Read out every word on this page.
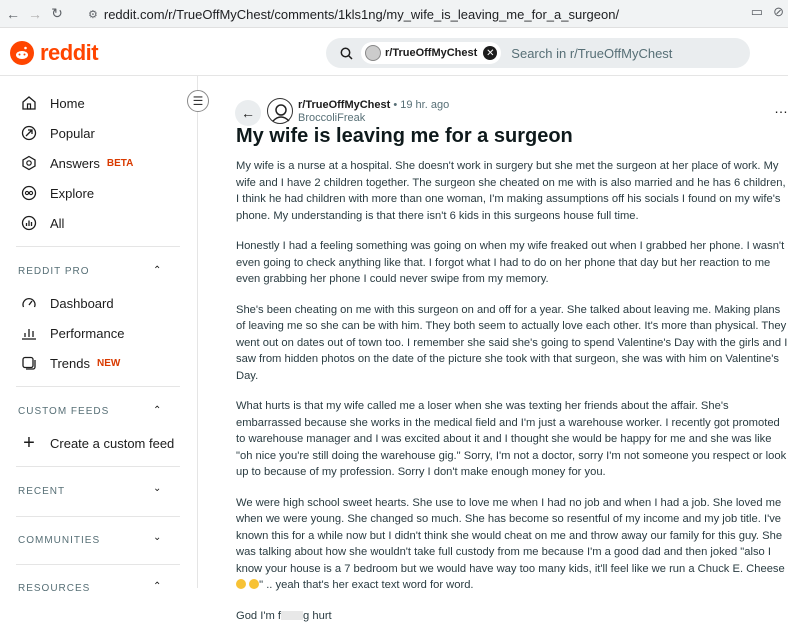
← → ↻	⚙ reddit.com/r/TrueOffMyChest/comments/1kls1ng/my_wife_is_leaving_me_for_a_surgeon/	▭ ⊘
reddit	r/TrueOffMyChest ✕ Search in r/TrueOffMyChest
Home
Popular
Answers BETA
Explore
All
REDDIT PRO	⌃
Dashboard
Performance
Trends NEW
CUSTOM FEEDS	⌃
+ Create a custom feed
RECENT	⌄
COMMUNITIES	⌄
RESOURCES	⌃
☰
←	r/TrueOffMyChest • 19 hr. ago
BroccoliFreak
…
My wife is leaving me for a surgeon

My wife is a nurse at a hospital. She doesn't work in surgery but she met the surgeon at her place of work. My wife and I have 2 children together. The surgeon she cheated on me with is also married and he has 6 children, I think he had children with more than one woman, I'm making assumptions off his socials I found on my wife's phone. My understanding is that there isn't 6 kids in this surgeons house full time.

Honestly I had a feeling something was going on when my wife freaked out when I grabbed her phone. I wasn't even going to check anything like that. I forgot what I had to do on her phone that day but her reaction to me even grabbing her phone I could never swipe from my memory.

She's been cheating on me with this surgeon on and off for a year. She talked about leaving me. Making plans of leaving me so she can be with him. They both seem to actually love each other. It's more than physical. They went out on dates out of town too. I remember she said she's going to spend Valentine's Day with the girls and I saw from hidden photos on the date of the picture she took with that surgeon, she was with him on Valentine's Day.

What hurts is that my wife called me a loser when she was texting her friends about the affair. She's embarrassed because she works in the medical field and I'm just a warehouse worker. I recently got promoted to warehouse manager and I was excited about it and I thought she would be happy for me and she was like "oh nice you're still doing the warehouse gig." Sorry, I'm not a doctor, sorry I'm not someone you respect or look up to because of my profession. Sorry I don't make enough money for you.

We were high school sweet hearts. She use to love me when I had no job and when I had a job. She loved me when we were young. She changed so much. She has become so resentful of my income and my job title. I've known this for a while now but I didn't think she would cheat on me and throw away our family for this guy. She was talking about how she wouldn't take full custody from me because I'm a good dad and then joked "also I know your house is a 7 bedroom but we would have way too many kids, it'll feel like we run a Chuck E. Cheese " .. yeah that's her exact text word for word.

God I'm f g hurt
